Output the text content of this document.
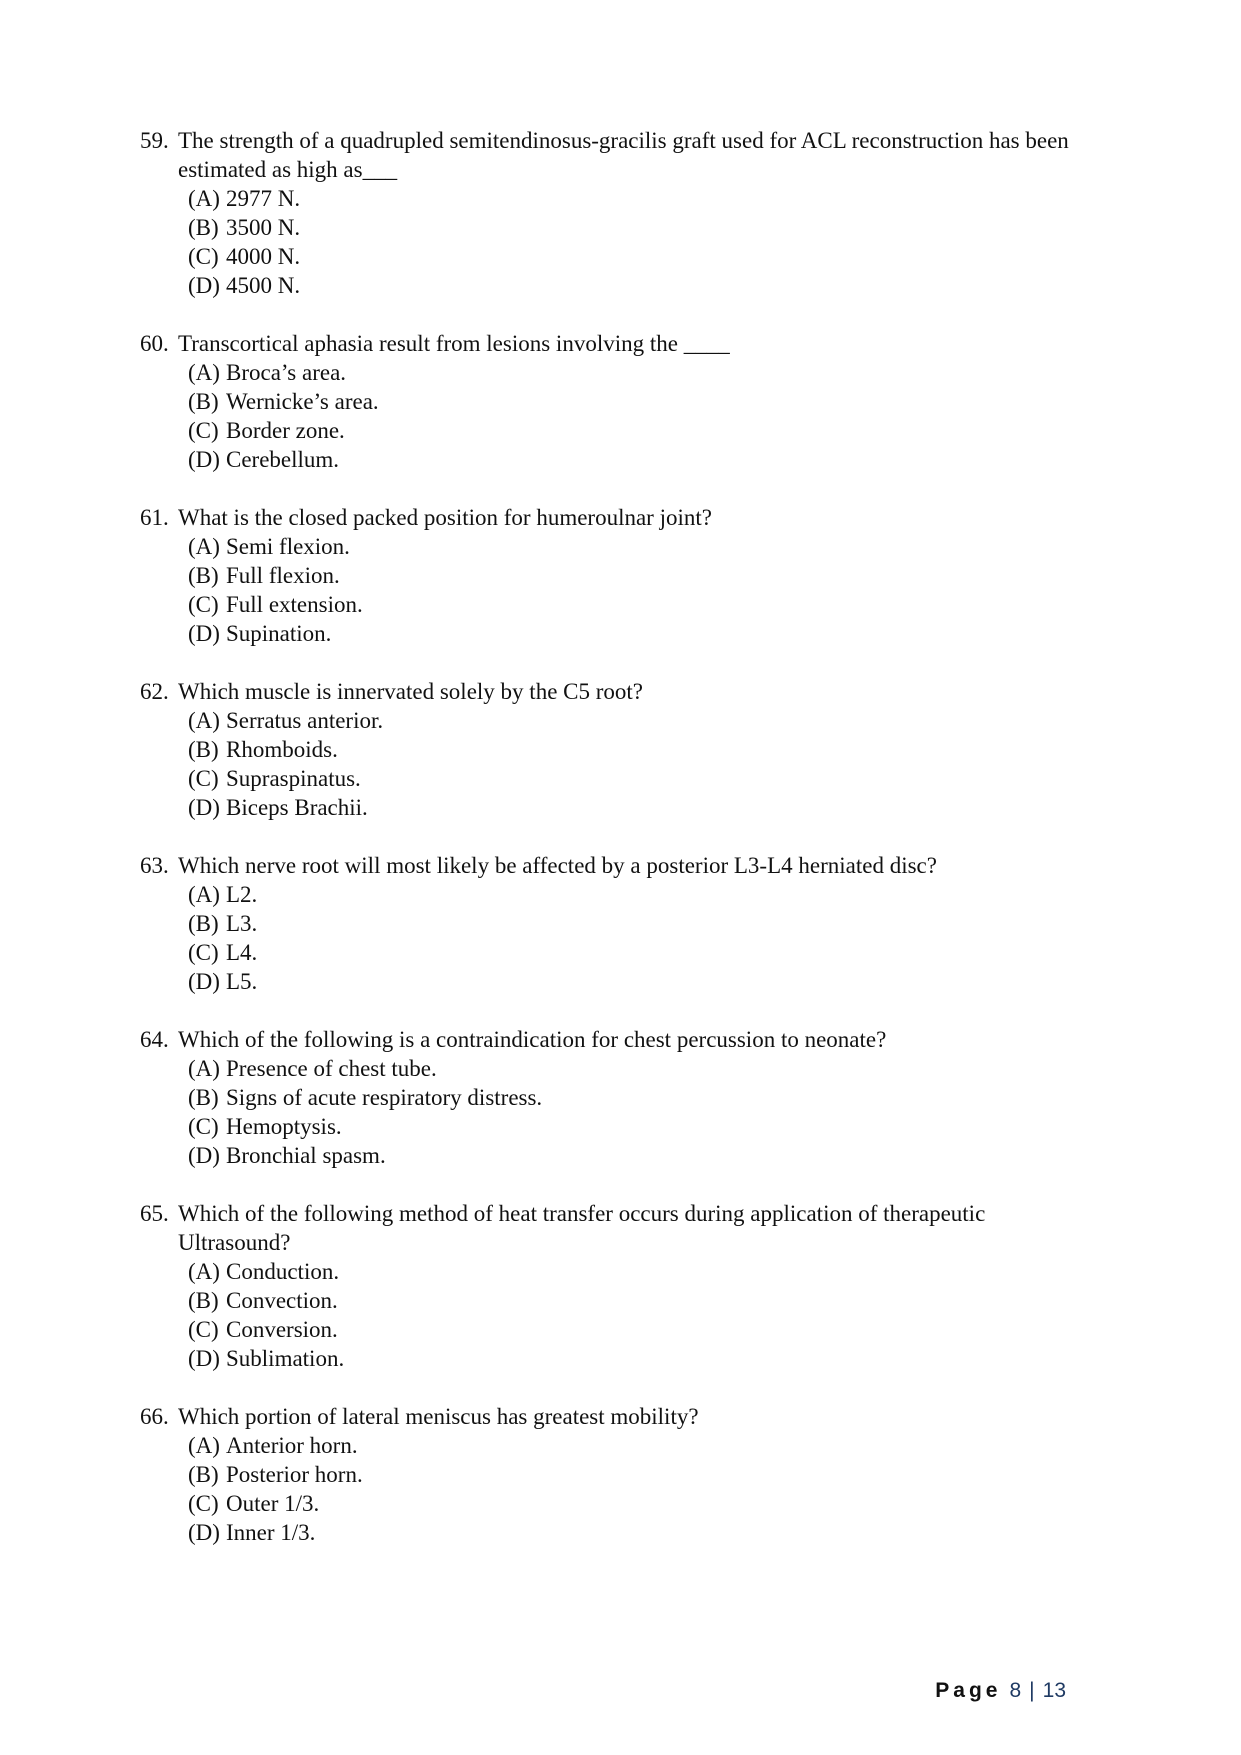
59. The strength of a quadrupled semitendinosus-gracilis graft used for ACL reconstruction has been estimated as high as___
(A) 2977 N.
(B) 3500 N.
(C) 4000 N.
(D) 4500 N.
60. Transcortical aphasia result from lesions involving the ____
(A) Broca’s area.
(B) Wernicke’s area.
(C) Border zone.
(D) Cerebellum.
61. What is the closed packed position for humeroulnar joint?
(A) Semi flexion.
(B) Full flexion.
(C) Full extension.
(D) Supination.
62. Which muscle is innervated solely by the C5 root?
(A) Serratus anterior.
(B) Rhomboids.
(C) Supraspinatus.
(D) Biceps Brachii.
63. Which nerve root will most likely be affected by a posterior L3-L4 herniated disc?
(A) L2.
(B) L3.
(C) L4.
(D) L5.
64. Which of the following is a contraindication for chest percussion to neonate?
(A) Presence of chest tube.
(B) Signs of acute respiratory distress.
(C) Hemoptysis.
(D) Bronchial spasm.
65. Which of the following method of heat transfer occurs during application of therapeutic Ultrasound?
(A) Conduction.
(B) Convection.
(C) Conversion.
(D) Sublimation.
66. Which portion of lateral meniscus has greatest mobility?
(A) Anterior horn.
(B) Posterior horn.
(C) Outer 1/3.
(D) Inner 1/3.
Page 8 | 13
